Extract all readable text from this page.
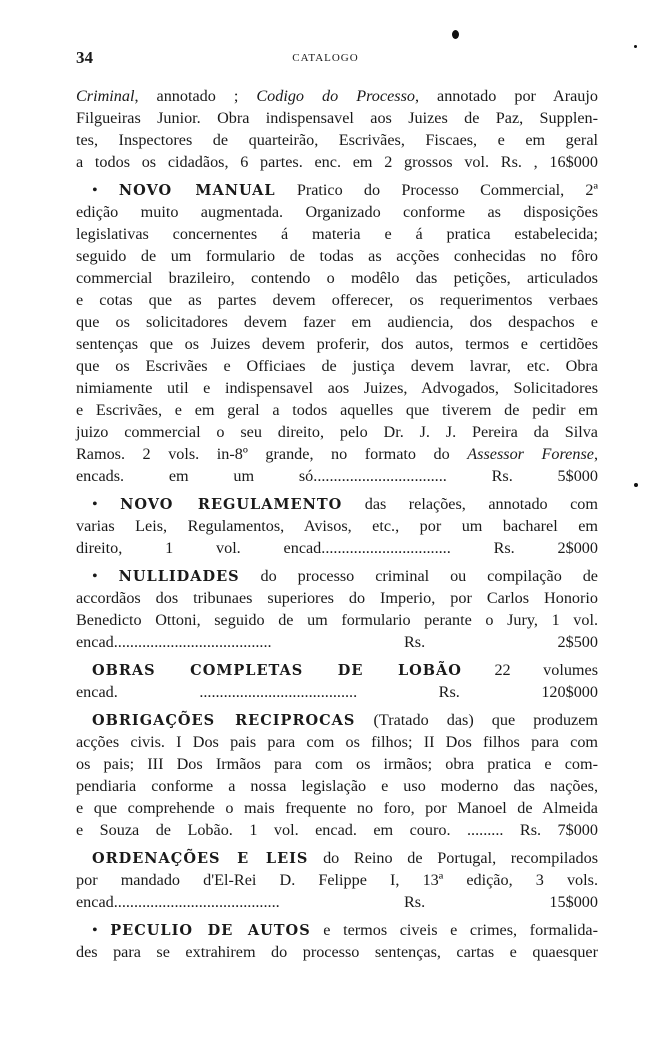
34	CATALOGO
Criminal, annotado ; Codigo do Processo, annotado por Araujo
Filgueiras Junior. Obra indispensavel aos Juizes de Paz, Supplen-
tes, Inspectores de quarteirão, Escrivães, Fiscaes, e em geral
a todos os cidadãos, 6 partes. enc. em 2 grossos vol. Rs. , 16$000
• NOVO MANUAL Pratico do Processo Commercial, 2ª
edição muito augmentada. Organizado conforme as disposições
legislativas concernentes á materia e á pratica estabelecida;
seguido de um formulario de todas as acções conhecidas no fôro
commercial brazileiro, contendo o modêlo das petições, articulados
e cotas que as partes devem offerecer, os requerimentos verbaes
que os solicitadores devem fazer em audiencia, dos despachos e
sentenças que os Juizes devem proferir, dos autos, termos e certidões
que os Escrivães e Officiaes de justiça devem lavrar, etc. Obra
nimiamente util e indispensavel aos Juizes, Advogados, Solicitadores
e Escrivães, e em geral a todos aquelles que tiverem de pedir em
juizo commercial o seu direito, pelo Dr. J. J. Pereira da Silva
Ramos. 2 vols. in-8º grande, no formato do Assessor Forense,
encads. em um só................................. Rs. 5$000
• NOVO REGULAMENTO das relações, annotado com
varias Leis, Regulamentos, Avisos, etc., por um bacharel em
direito, 1 vol. encad................................ Rs. 2$000
• NULLIDADES do processo criminal ou compilação de
accordãos dos tribunaes superiores do Imperio, por Carlos Honorio
Benedicto Ottoni, seguido de um formulario perante o Jury, 1 vol.
encad....................................... Rs. 2$500
OBRAS COMPLETAS DE LOBÃO 22 volumes
encad. ....................................... Rs. 120$000
OBRIGAÇÕES RECIPROCAS (Tratado das) que produzem
acções civis. I Dos pais para com os filhos; II Dos filhos para com
os pais; III Dos Irmãos para com os irmãos; obra pratica e com-
pendiaria conforme a nossa legislação e uso moderno das nações,
e que comprehende o mais frequente no foro, por Manoel de Almeida
e Souza de Lobão. 1 vol. encad. em couro. ......... Rs. 7$000
ORDENAÇÕES E LEIS do Reino de Portugal, recompilados
por mandado d'El-Rei D. Felippe I, 13ª edição, 3 vols.
encad......................................... Rs. 15$000
• PECULIO DE AUTOS e termos civeis e crimes, formalida-
des para se extrahirem do processo sentenças, cartas e quaesquer
